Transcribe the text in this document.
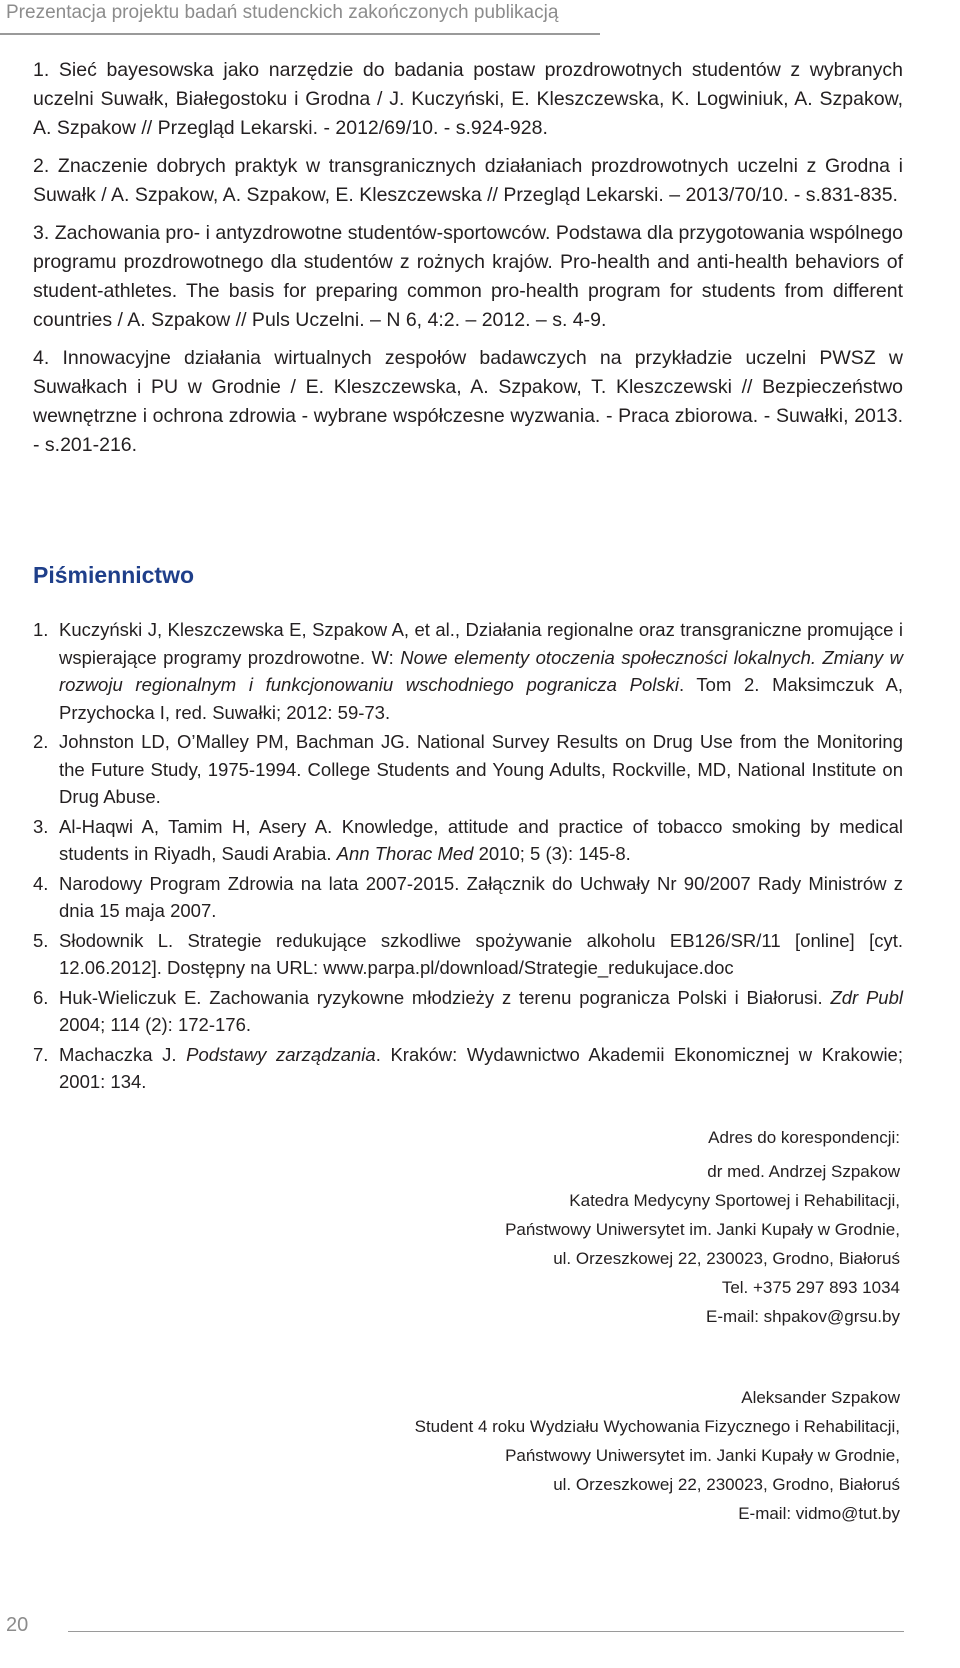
Prezentacja projektu badań studenckich zakończonych publikacją

1. Sieć bayesowska jako narzędzie do badania postaw prozdrowotnych studentów z wybranych uczelni Suwałk, Białegostoku i Grodna / J. Kuczyński, E. Kleszczewska, K. Logwiniuk, A. Szpakow, A. Szpakow // Przegląd Lekarski. - 2012/69/10. - s.924-928.

2. Znaczenie dobrych praktyk w transgranicznych działaniach prozdrowotnych uczelni z Grodna i Suwałk / A. Szpakow, A. Szpakow, E. Kleszczewska // Przegląd Lekarski. – 2013/70/10. - s.831-835.

3. Zachowania pro- i antyzdrowotne studentów-sportowców. Podstawa dla przygotowania wspólnego programu prozdrowotnego dla studentów z rożnych krajów. Pro-health and anti-health behaviors of student-athletes. The basis for preparing common pro-health program for students from different countries / A. Szpakow // Puls Uczelni. – N 6, 4:2. – 2012. – s. 4-9.

4. Innowacyjne działania wirtualnych zespołów badawczych na przykładzie uczelni PWSZ w Suwałkach i PU w Grodnie / E. Kleszczewska, A. Szpakow, T. Kleszczewski // Bezpieczeństwo wewnętrzne i ochrona zdrowia - wybrane współczesne wyzwania. - Praca zbiorowa. - Suwałki, 2013. - s.201-216.

Piśmiennictwo
1. Kuczyński J, Kleszczewska E, Szpakow A, et al., Działania regionalne oraz transgraniczne promujące i wspierające programy prozdrowotne. W: Nowe elementy otoczenia społeczności lokalnych. Zmiany w rozwoju regionalnym i funkcjonowaniu wschodniego pogranicza Polski. Tom 2. Maksimczuk A, Przychocka I, red. Suwałki; 2012: 59-73.
2. Johnston LD, O’Malley PM, Bachman JG. National Survey Results on Drug Use from the Monitoring the Future Study, 1975-1994. College Students and Young Adults, Rockville, MD, National Institute on Drug Abuse.
3. Al-Haqwi A, Tamim H, Asery A. Knowledge, attitude and practice of tobacco smoking by medical students in Riyadh, Saudi Arabia. Ann Thorac Med 2010; 5 (3): 145-8.
4. Narodowy Program Zdrowia na lata 2007-2015. Załącznik do Uchwały Nr 90/2007 Rady Ministrów z dnia 15 maja 2007.
5. Słodownik L. Strategie redukujące szkodliwe spożywanie alkoholu EB126/SR/11 [online] [cyt. 12.06.2012]. Dostępny na URL: www.parpa.pl/download/Strategie_redukujace.doc
6. Huk-Wieliczuk E. Zachowania ryzykowne młodzieży z terenu pogranicza Polski i Białorusi. Zdr Publ 2004; 114 (2): 172-176.
7. Machaczka J. Podstawy zarządzania. Kraków: Wydawnictwo Akademii Ekonomicznej w Krakowie; 2001: 134.
Adres do korespondencji:
dr med. Andrzej Szpakow
Katedra Medycyny Sportowej i Rehabilitacji,
Państwowy Uniwersytet im. Janki Kupały w Grodnie,
ul. Orzeszkowej 22, 230023, Grodno, Białoruś
Tel. +375 297 893 1034
E-mail: shpakov@grsu.by
Aleksander Szpakow
Student 4 roku Wydziału Wychowania Fizycznego i Rehabilitacji,
Państwowy Uniwersytet im. Janki Kupały w Grodnie,
ul. Orzeszkowej 22, 230023, Grodno, Białoruś
E-mail: vidmo@tut.by
20
